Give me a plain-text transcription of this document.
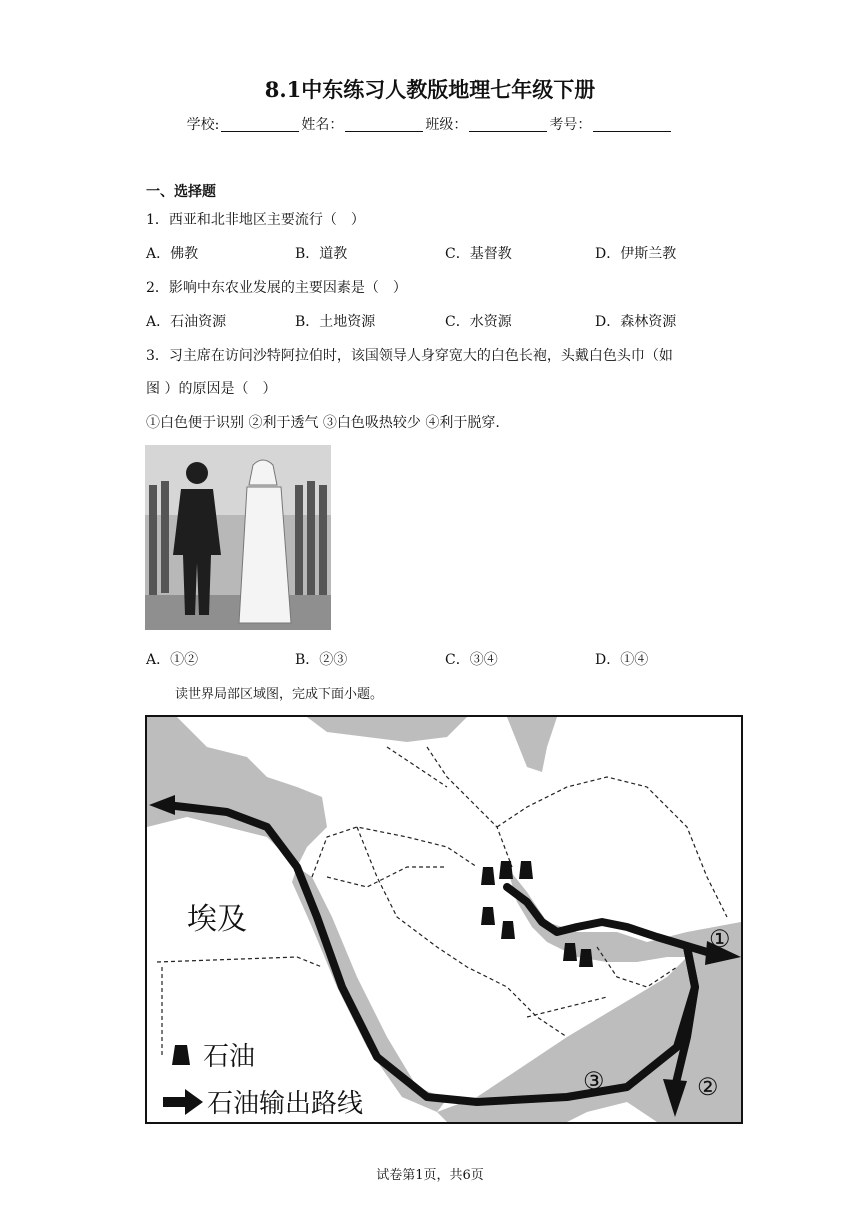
8.1中东练习人教版地理七年级下册
学校:	姓名：	班级：	考号：
一、选择题
1．西亚和北非地区主要流行（　）
A．佛教	B．道教	C．基督教	D．伊斯兰教
2．影响中东农业发展的主要因素是（　）
A．石油资源	B．土地资源	C．水资源	D．森林资源
3．习主席在访问沙特阿拉伯时，该国领导人身穿宽大的白色长袍，头戴白色头巾（如
图 ）的原因是（　）
①白色便于识别 ②利于透气 ③白色吸热较少 ④利于脱穿.
A．①②	B．②③	C．③④	D．①④
读世界局部区域图，完成下面小题。
①
②
③
埃及
石油
石油输出路线
试卷第1页，共6页
